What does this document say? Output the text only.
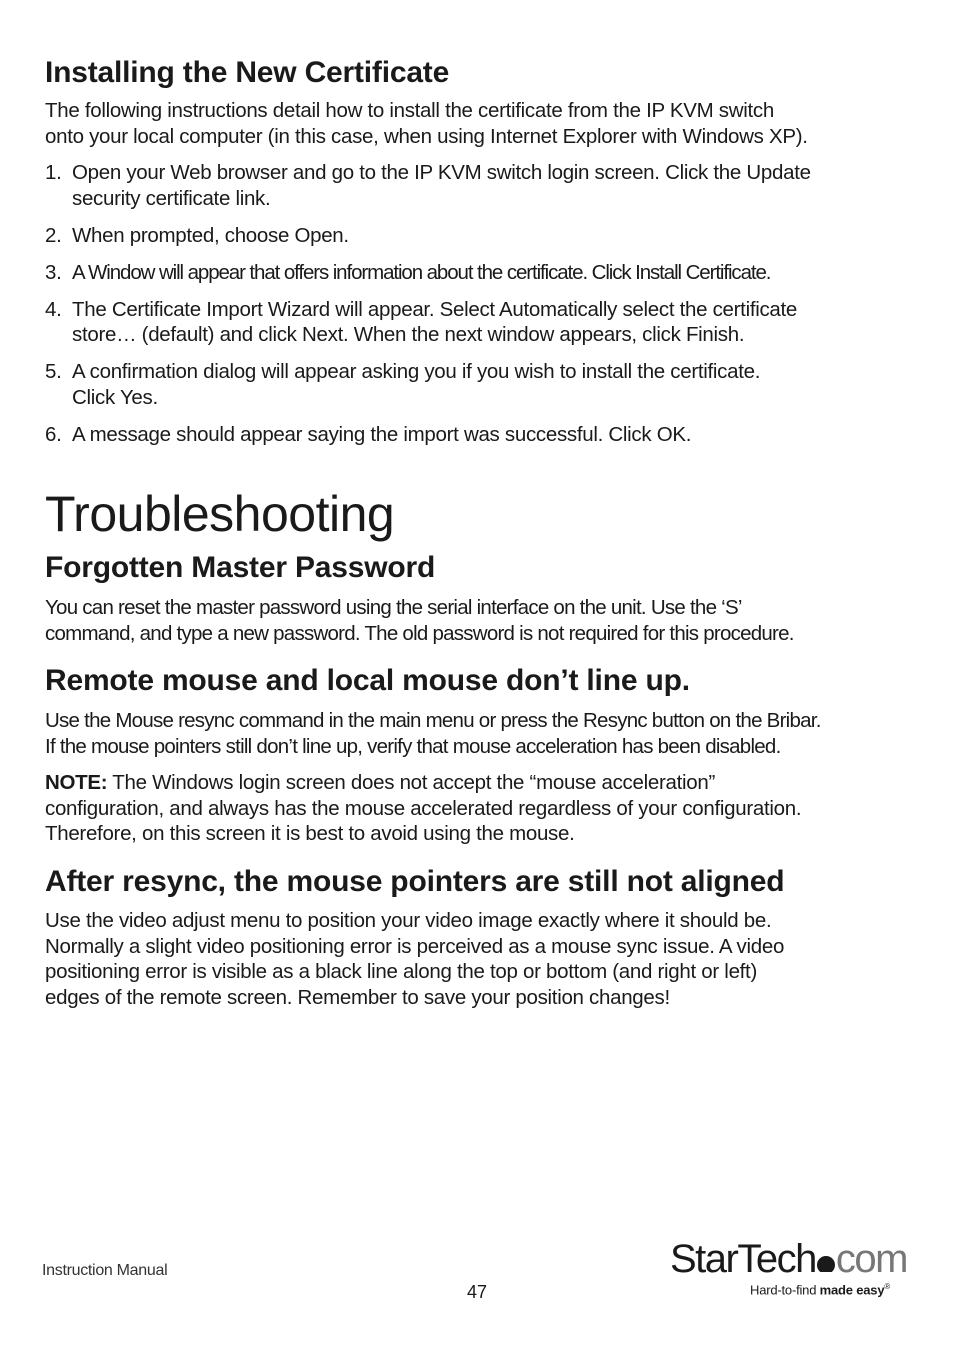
Installing the New Certificate

The following instructions detail how to install the certificate from the IP KVM switch
onto your local computer (in this case, when using Internet Explorer with Windows XP).

1. Open your Web browser and go to the IP KVM switch login screen. Click the Update
security certificate link.
2. When prompted, choose Open.
3. A Window will appear that offers information about the certificate. Click Install Certificate.
4. The Certificate Import Wizard will appear. Select Automatically select the certificate
store… (default) and click Next. When the next window appears, click Finish.
5. A confirmation dialog will appear asking you if you wish to install the certificate.
Click Yes.
6. A message should appear saying the import was successful. Click OK.
Troubleshooting
Forgotten Master Password

You can reset the master password using the serial interface on the unit. Use the ‘S’
command, and type a new password. The old password is not required for this procedure.

Remote mouse and local mouse don’t line up.

Use the Mouse resync command in the main menu or press the Resync button on the Bribar.
If the mouse pointers still don’t line up, verify that mouse acceleration has been disabled.

NOTE: The Windows login screen does not accept the “mouse acceleration”
configuration, and always has the mouse accelerated regardless of your configuration.
Therefore, on this screen it is best to avoid using the mouse.

After resync, the mouse pointers are still not aligned

Use the video adjust menu to position your video image exactly where it should be.
Normally a slight video positioning error is perceived as a mouse sync issue. A video
positioning error is visible as a black line along the top or bottom (and right or left)
edges of the remote screen. Remember to save your position changes!

Instruction Manual
47
StarTech com
Hard-to-find made easy®
